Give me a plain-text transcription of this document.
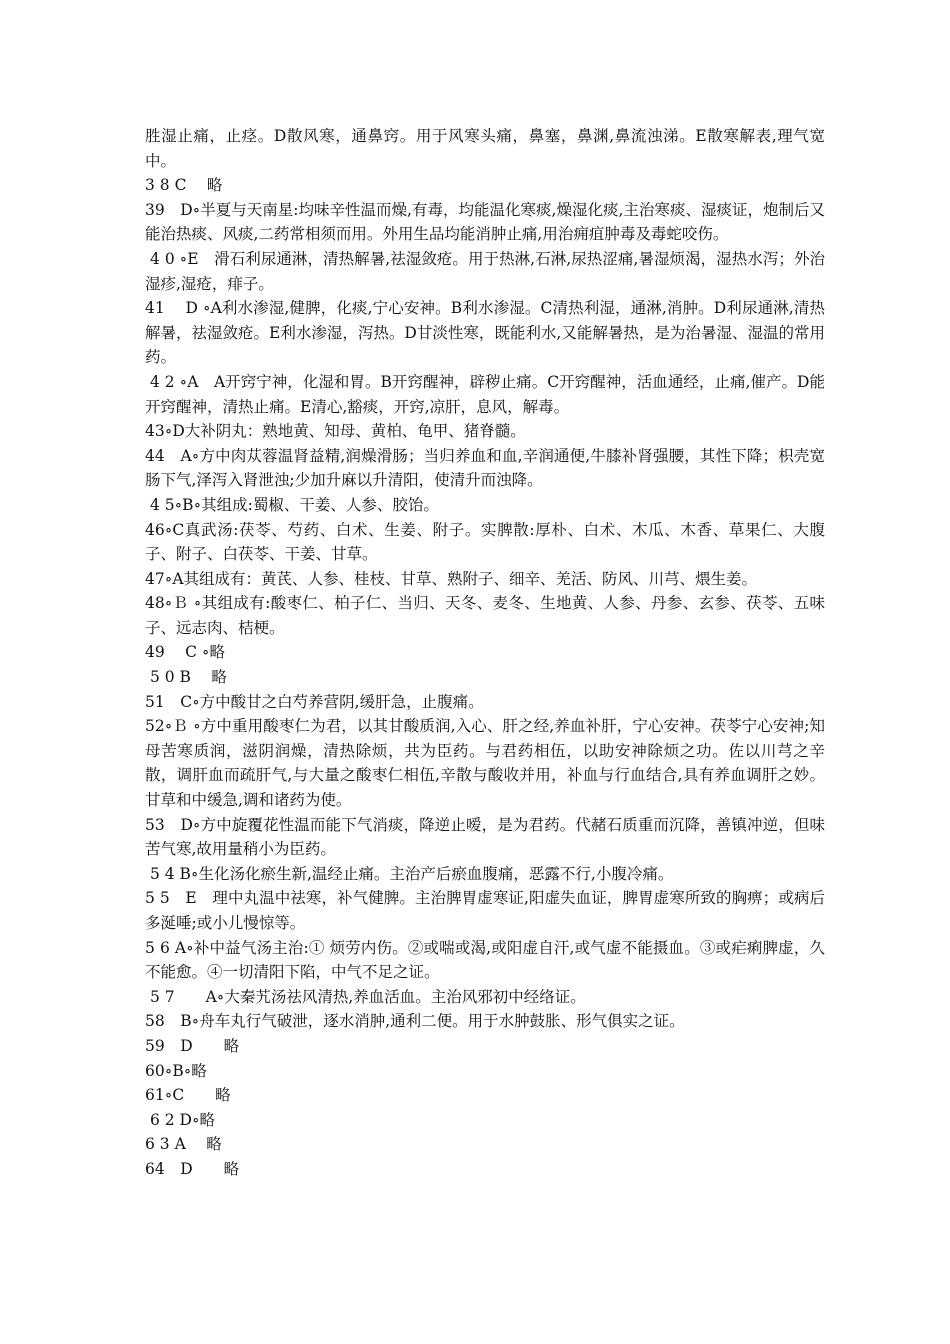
胜湿止痛，止痉。D散风寒，通鼻窍。用于风寒头痛，鼻塞，鼻渊,鼻流浊涕。E散寒解表,理气宽中。

3 8 C　 略

39　D∘半夏与天南星:均味辛性温而燥,有毒，均能温化寒痰,燥湿化痰,主治寒痰、湿痰证，炮制后又能治热痰、风痰,二药常相须而用。外用生品均能消肿止痛,用治痈疽肿毒及毒蛇咬伤。

4 0 ∘E　滑石利尿通淋，清热解暑,祛湿敛疮。用于热淋,石淋,尿热涩痛,暑湿烦渴，湿热水泻；外治湿疹,湿疮，痱子。

41　 D ∘A利水渗湿,健脾，化痰,宁心安神。B利水渗湿。C清热利湿，通淋,消肿。D利尿通淋,清热解暑，祛湿敛疮。E利水渗湿，泻热。D甘淡性寒，既能利水,又能解暑热，是为治暑湿、湿温的常用药。

4 2 ∘A　A开窍宁神，化湿和胃。B开窍醒神，辟秽止痛。C开窍醒神，活血通经，止痛,催产。D能开窍醒神，清热止痛。E清心,豁痰，开窍,凉肝，息风，解毒。

43∘D大补阴丸：熟地黄、知母、黄柏、龟甲、猪脊髓。

44　A∘方中肉苁蓉温肾益精,润燥滑肠；当归养血和血,辛润通便,牛膝补肾强腰，其性下降；枳壳宽肠下气,泽泻入肾泄浊;少加升麻以升清阳，使清升而浊降。

4 5∘B∘其组成:蜀椒、干姜、人参、胶饴。

46∘C真武汤:茯苓、芍药、白术、生姜、附子。实脾散:厚朴、白术、木瓜、木香、草果仁、大腹子、附子、白茯苓、干姜、甘草。

47∘A其组成有：黄芪、人参、桂枝、甘草、熟附子、细辛、羌活、防风、川芎、煨生姜。

48∘Ｂ ∘其组成有:酸枣仁、柏子仁、当归、天冬、麦冬、生地黄、人参、丹参、玄参、茯苓、五味子、远志肉、桔梗。

49　 C ∘略

5 0 B　 略

51　C∘方中酸甘之白芍养营阴,缓肝急，止腹痛。

52∘Ｂ ∘方中重用酸枣仁为君，以其甘酸质润,入心、肝之经,养血补肝，宁心安神。茯苓宁心安神;知母苦寒质润，滋阴润燥，清热除烦，共为臣药。与君药相伍，以助安神除烦之功。佐以川芎之辛散，调肝血而疏肝气,与大量之酸枣仁相伍,辛散与酸收并用，补血与行血结合,具有养血调肝之妙。甘草和中缓急,调和诸药为使。

53　D∘方中旋覆花性温而能下气消痰，降逆止嗳，是为君药。代赭石质重而沉降，善镇冲逆，但味苦气寒,故用量稍小为臣药。

5 4 B∘生化汤化瘀生新,温经止痛。主治产后瘀血腹痛，恶露不行,小腹冷痛。

5 5　E　理中丸温中祛寒，补气健脾。主治脾胃虚寒证,阳虚失血证，脾胃虚寒所致的胸痹；或病后多涎唾;或小儿慢惊等。

5 6 A∘补中益气汤主治:① 烦劳内伤。②或喘或渴,或阳虚自汗,或气虚不能摄血。③或疟痢脾虚，久不能愈。④一切清阳下陷，中气不足之证。

5 7　　A∘大秦艽汤祛风清热,养血活血。主治风邪初中经络证。

58　B∘舟车丸行气破泄，逐水消肿,通利二便。用于水肿鼓胀、形气俱实之证。

59　D　　略

60∘B∘略

61∘C　　略

6 2 D∘略

6 3 A　 略

64　D　　略
